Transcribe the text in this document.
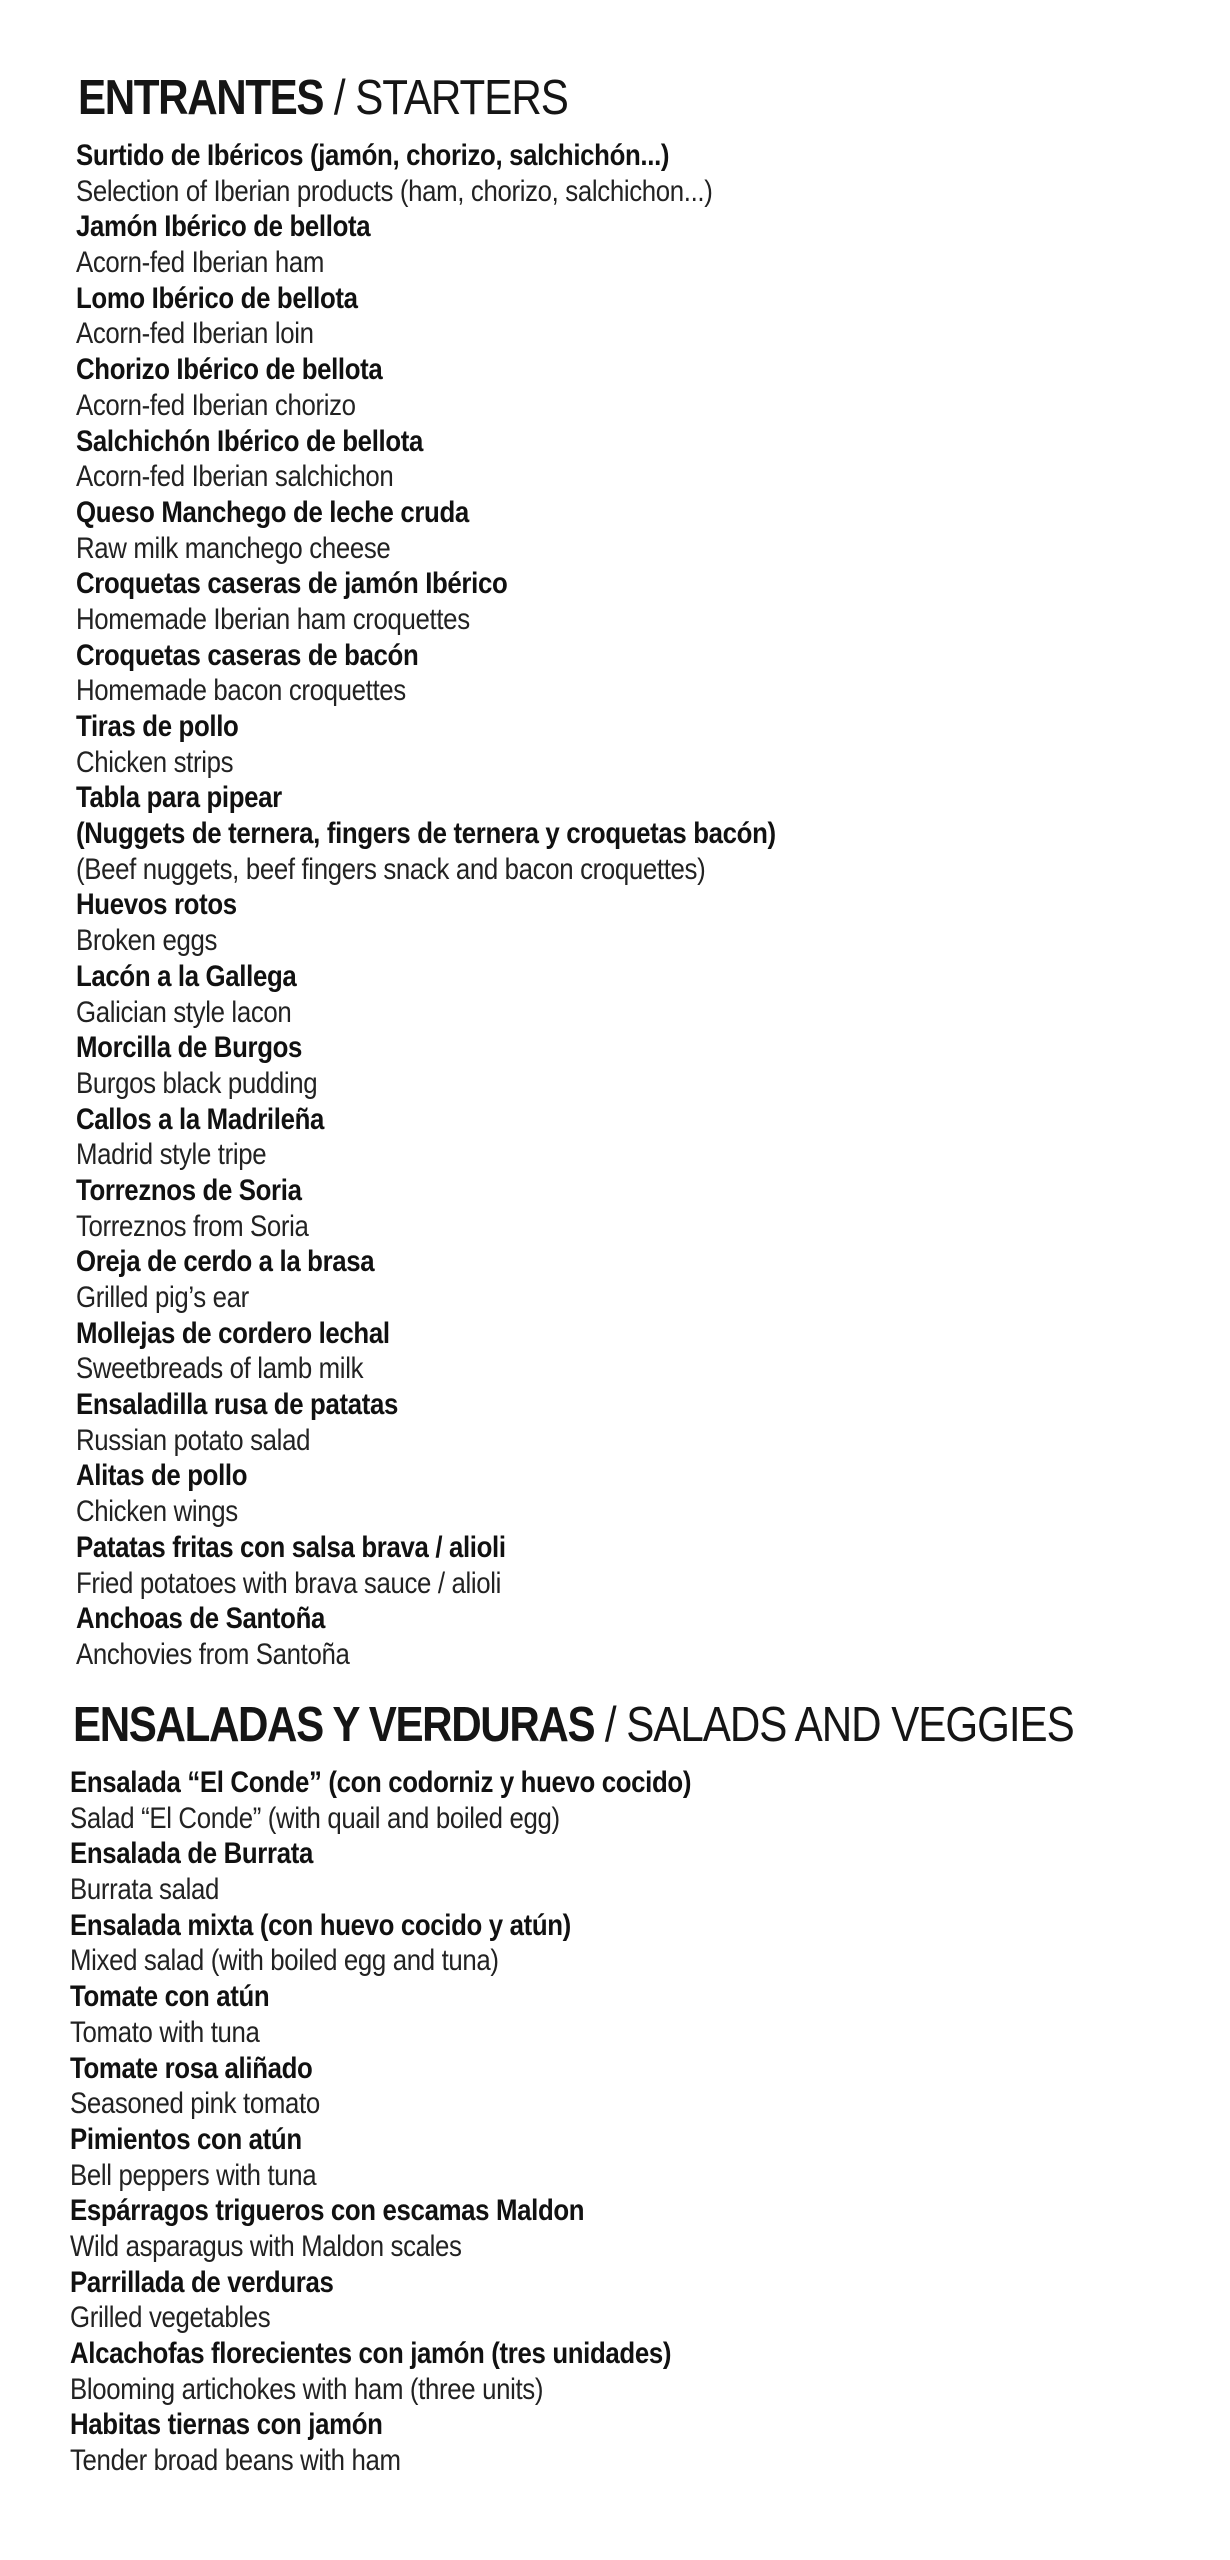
ENTRANTES / STARTERS
Surtido de Ibéricos (jamón, chorizo, salchichón...)
Selection of Iberian products (ham, chorizo, salchichon...)
Jamón Ibérico de bellota
Acorn-fed Iberian ham
Lomo Ibérico de bellota
Acorn-fed Iberian loin
Chorizo Ibérico de bellota
Acorn-fed Iberian chorizo
Salchichón Ibérico de bellota
Acorn-fed Iberian salchichon
Queso Manchego de leche cruda
Raw milk manchego cheese
Croquetas caseras de jamón Ibérico
Homemade Iberian ham croquettes
Croquetas caseras de bacón
Homemade bacon croquettes
Tiras de pollo
Chicken strips
Tabla para pipear
(Nuggets de ternera, fingers de ternera y croquetas bacón)
(Beef nuggets, beef fingers snack and bacon croquettes)
Huevos rotos
Broken eggs
Lacón a la Gallega
Galician style lacon
Morcilla de Burgos
Burgos black pudding
Callos a la Madrileña
Madrid style tripe
Torreznos de Soria
Torreznos from Soria
Oreja de cerdo a la brasa
Grilled pig’s ear
Mollejas de cordero lechal
Sweetbreads of lamb milk
Ensaladilla rusa de patatas
Russian potato salad
Alitas de pollo
Chicken wings
Patatas fritas con salsa brava / alioli
Fried potatoes with brava sauce / alioli
Anchoas de Santoña
Anchovies from Santoña
ENSALADAS Y VERDURAS / SALADS AND VEGGIES
Ensalada “El Conde” (con codorniz y huevo cocido)
Salad “El Conde” (with quail and boiled egg)
Ensalada de Burrata
Burrata salad
Ensalada mixta (con huevo cocido y atún)
Mixed salad (with boiled egg and tuna)
Tomate con atún
Tomato with tuna
Tomate rosa aliñado
Seasoned pink tomato
Pimientos con atún
Bell peppers with tuna
Espárragos trigueros con escamas Maldon
Wild asparagus with Maldon scales
Parrillada de verduras
Grilled vegetables
Alcachofas florecientes con jamón (tres unidades)
Blooming artichokes with ham (three units)
Habitas tiernas con jamón
Tender broad beans with ham
